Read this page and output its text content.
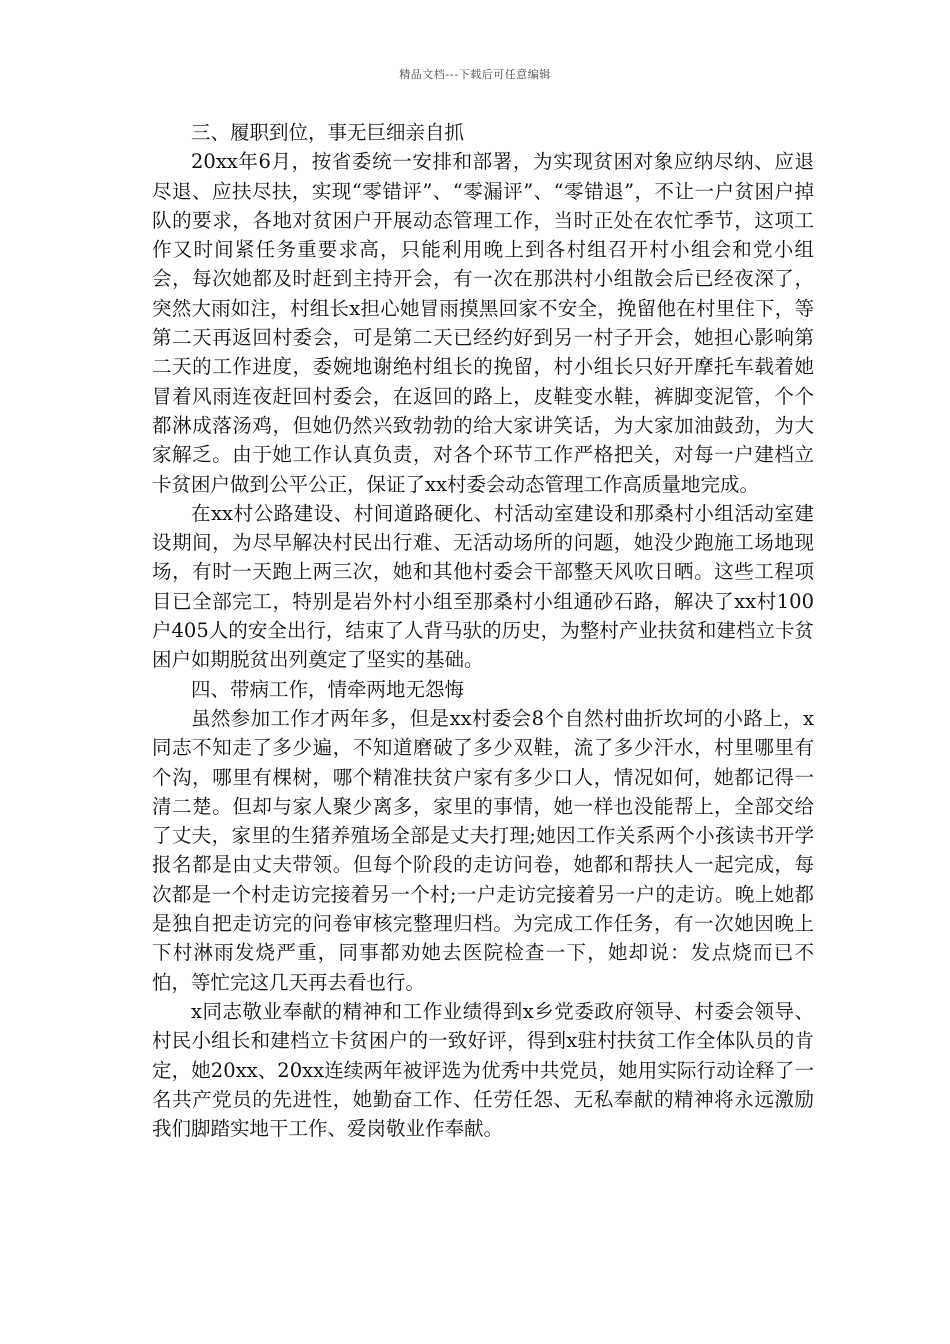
精品文档---下载后可任意编辑

三、履职到位，事无巨细亲自抓

20xx年6月，按省委统一安排和部署，为实现贫困对象应纳尽纳、应退尽退、应扶尽扶，实现“零错评”、“零漏评”、“零错退”，不让一户贫困户掉队的要求，各地对贫困户开展动态管理工作，当时正处在农忙季节，这项工作又时间紧任务重要求高，只能利用晚上到各村组召开村小组会和党小组会，每次她都及时赶到主持开会，有一次在那洪村小组散会后已经夜深了，突然大雨如注，村组长x担心她冒雨摸黑回家不安全，挽留他在村里住下，等第二天再返回村委会，可是第二天已经约好到另一村子开会，她担心影响第二天的工作进度，委婉地谢绝村组长的挽留，村小组长只好开摩托车载着她冒着风雨连夜赶回村委会，在返回的路上，皮鞋变水鞋，裤脚变泥管，个个都淋成落汤鸡，但她仍然兴致勃勃的给大家讲笑话，为大家加油鼓劲，为大家解乏。由于她工作认真负责，对各个环节工作严格把关，对每一户建档立卡贫困户做到公平公正，保证了xx村委会动态管理工作高质量地完成。

在xx村公路建设、村间道路硬化、村活动室建设和那桑村小组活动室建设期间，为尽早解决村民出行难、无活动场所的问题，她没少跑施工场地现场，有时一天跑上两三次，她和其他村委会干部整天风吹日晒。这些工程项目已全部完工，特别是岩外村小组至那桑村小组通砂石路，解决了xx村100户405人的安全出行，结束了人背马驮的历史，为整村产业扶贫和建档立卡贫困户如期脱贫出列奠定了坚实的基础。

四、带病工作，情牵两地无怨悔

虽然参加工作才两年多，但是xx村委会8个自然村曲折坎坷的小路上，x同志不知走了多少遍，不知道磨破了多少双鞋，流了多少汗水，村里哪里有个沟，哪里有棵树，哪个精准扶贫户家有多少口人，情况如何，她都记得一清二楚。但却与家人聚少离多，家里的事情，她一样也没能帮上，全部交给了丈夫，家里的生猪养殖场全部是丈夫打理;她因工作关系两个小孩读书开学报名都是由丈夫带领。但每个阶段的走访问卷，她都和帮扶人一起完成，每次都是一个村走访完接着另一个村;一户走访完接着另一户的走访。晚上她都是独自把走访完的问卷审核完整理归档。为完成工作任务，有一次她因晚上下村淋雨发烧严重，同事都劝她去医院检查一下，她却说：发点烧而已不怕，等忙完这几天再去看也行。

x同志敬业奉献的精神和工作业绩得到x乡党委政府领导、村委会领导、村民小组长和建档立卡贫困户的一致好评，得到x驻村扶贫工作全体队员的肯定，她20xx、20xx连续两年被评选为优秀中共党员，她用实际行动诠释了一名共产党员的先进性，她勤奋工作、任劳任怨、无私奉献的精神将永远激励我们脚踏实地干工作、爱岗敬业作奉献。
